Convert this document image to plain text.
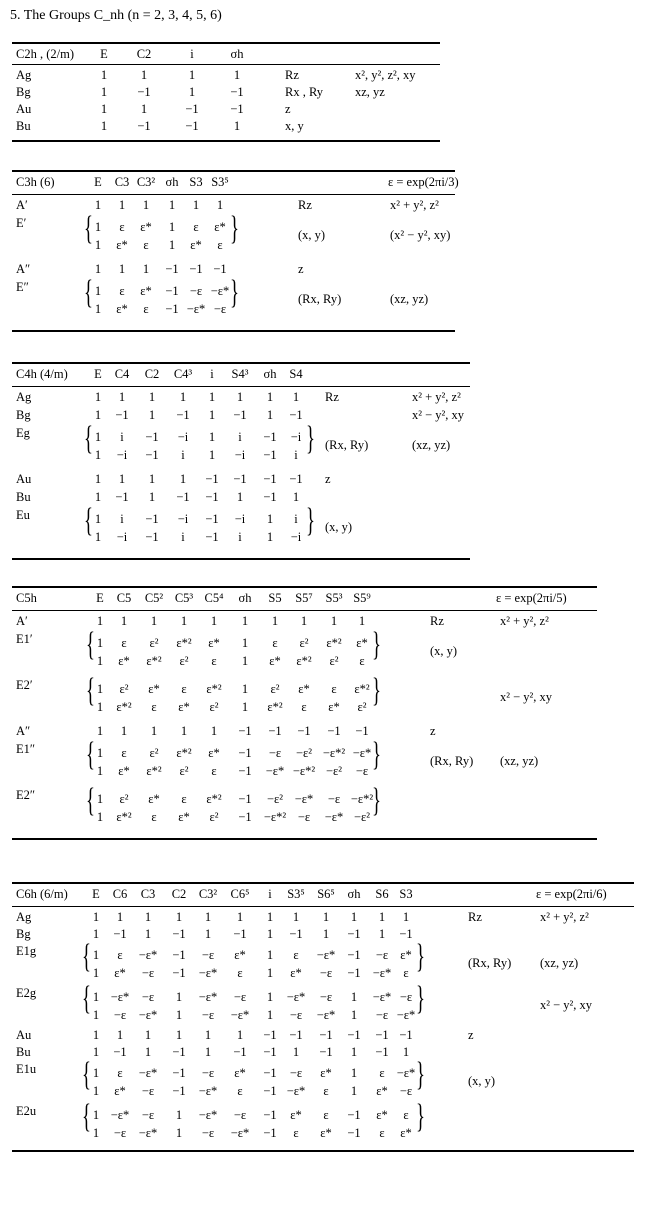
5. The Groups C_nh (n = 2, 3, 4, 5, 6)
C2h , (2/m) E C2	i	σh
Ag	1	1	1	1	Rz	x², y², z², xy
Bg	1 −1	1	−1	Rx , Ry	xz, yz
Au	1	1	−1	−1	z
Bu	1 −1	−1	1	x, y
C3h (6)	E C3 C3² σh S3 S3⁵	ε = exp(2πi/3)
A′	1 1 1 1 1 1	Rz	x² + y², z²
E′ { 1 ε ε* 1 ε ε*
1 ε* ε 1 ε* ε }	(x, y)	(x² − y², xy)
A″	1 1 1 −1 −1 −1	z
E″ { 1 ε ε* −1 −ε −ε*
1 ε* ε −1 −ε* −ε }	(Rx, Ry)	(xz, yz)
C4h (4/m) E C4 C2 C4³ i S4³ σh S4
Ag	1 1 1 1 1 1 1 1 Rz	x² + y², z²
Bg	1 −1 1 −1 1 −1 1 −1	x² − y², xy
Eg { 1 i −1 −i 1 i −1 −i
1 −i −1 i 1 −i −1 i } (Rx, Ry)	(xz, yz)
Au	1 1 1 1 −1 −1 −1 −1 z
Bu	1 −1 1 −1 −1 1 −1 1
Eu { 1 i −1 −i −1 −i 1 i
1 −i −1 i −1 i 1 −i } (x, y)
C5h	E C5 C5² C5³ C5⁴ σh S5 S5⁷ S5³ S5⁹	ε = exp(2πi/5)
A′	1 1 1 1 1 1 1 1 1 1	Rz	x² + y², z²
E1′ { 1 ε ε² ε*² ε* 1 ε ε² ε*² ε*
1 ε* ε*² ε² ε 1 ε* ε*² ε² ε }	(x, y)
E2′ { 1 ε² ε* ε ε*² 1 ε² ε* ε ε*²
1 ε*² ε ε* ε² 1 ε*² ε ε* ε² }	x² − y², xy
A″	1 1 1 1 1 −1 −1 −1 −1 −1	z
E1″ { 1 ε ε² ε*² ε* −1 −ε −ε² −ε*² −ε*
1 ε* ε*² ε² ε −1 −ε* −ε*² −ε² −ε }	(Rx, Ry) (xz, yz)
E2″ { 1 ε² ε* ε ε*² −1 −ε² −ε* −ε −ε*²
1 ε*² ε ε* ε² −1 −ε*² −ε −ε* −ε² }
C6h (6/m) E C6 C3 C2 C3² C6⁵ i S3⁵ S6⁵ σh S6 S3	ε = exp(2πi/6)
Ag	1 1 1 1 1 1 1 1 1 1 1 1	Rz	x² + y², z²
Bg	1 −1 1 −1 1 −1 1 −1 1 −1 1 −1
E1g { 1 ε −ε* −1 −ε ε* 1 ε −ε* −1 −ε ε*
1 ε* −ε −1 −ε* ε 1 ε* −ε −1 −ε* ε }	(Rx, Ry) (xz, yz)
E2g { 1 −ε* −ε 1 −ε* −ε 1 −ε* −ε 1 −ε* −ε
1 −ε −ε* 1 −ε −ε* 1 −ε −ε* 1 −ε −ε* }	x² − y², xy
Au	1 1 1 1 1 1 −1 −1 −1 −1 −1 −1	z
Bu	1 −1 1 −1 1 −1 −1 1 −1 1 −1 1
E1u { 1 ε −ε* −1 −ε ε* −1 −ε ε* 1 ε −ε*
1 ε* −ε −1 −ε* ε −1 −ε* ε 1 ε* −ε }	(x, y)
E2u { 1 −ε* −ε 1 −ε* −ε −1 ε* ε −1 ε* ε
1 −ε −ε* 1 −ε −ε* −1 ε ε* −1 ε ε* }
